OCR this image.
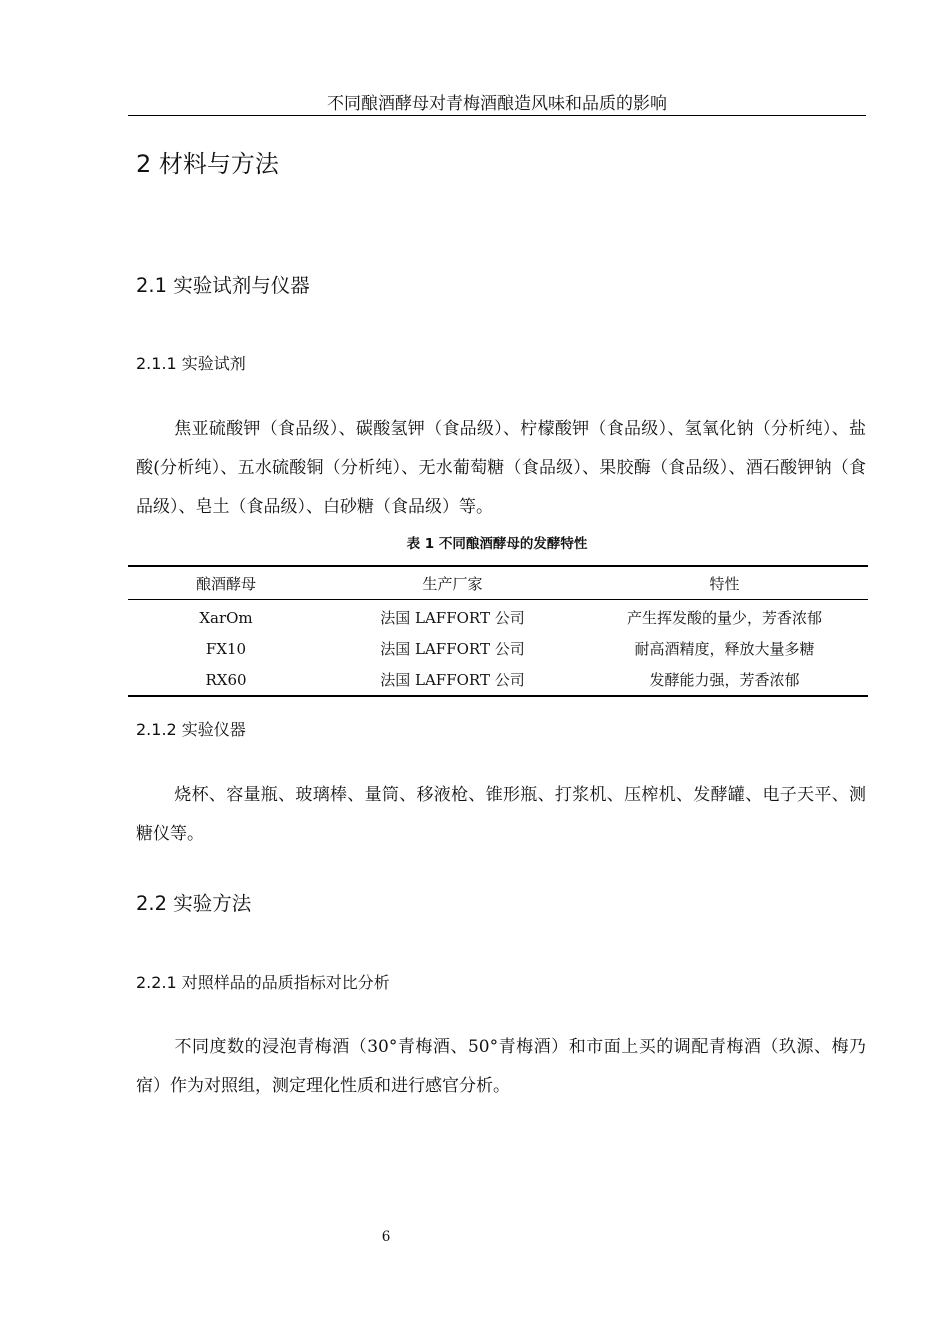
不同酿酒酵母对青梅酒酿造风味和品质的影响
2 材料与方法
2.1 实验试剂与仪器
2.1.1 实验试剂
焦亚硫酸钾（食品级）、碳酸氢钾（食品级）、柠檬酸钾（食品级）、氢氧化钠（分析纯）、盐酸(分析纯）、五水硫酸铜（分析纯）、无水葡萄糖（食品级）、果胶酶（食品级）、酒石酸钾钠（食品级）、皂土（食品级）、白砂糖（食品级）等。
表 1 不同酿酒酵母的发酵特性
酿酒酵母	生产厂家	特性
XarOm	法国 LAFFORT 公司	产生挥发酸的量少，芳香浓郁
FX10	法国 LAFFORT 公司	耐高酒精度，释放大量多糖
RX60	法国 LAFFORT 公司	发酵能力强，芳香浓郁
2.1.2 实验仪器
烧杯、容量瓶、玻璃棒、量筒、移液枪、锥形瓶、打浆机、压榨机、发酵罐、电子天平、测糖仪等。
2.2 实验方法
2.2.1 对照样品的品质指标对比分析
不同度数的浸泡青梅酒（30°青梅酒、50°青梅酒）和市面上买的调配青梅酒（玖源、梅乃宿）作为对照组，测定理化性质和进行感官分析。
6
